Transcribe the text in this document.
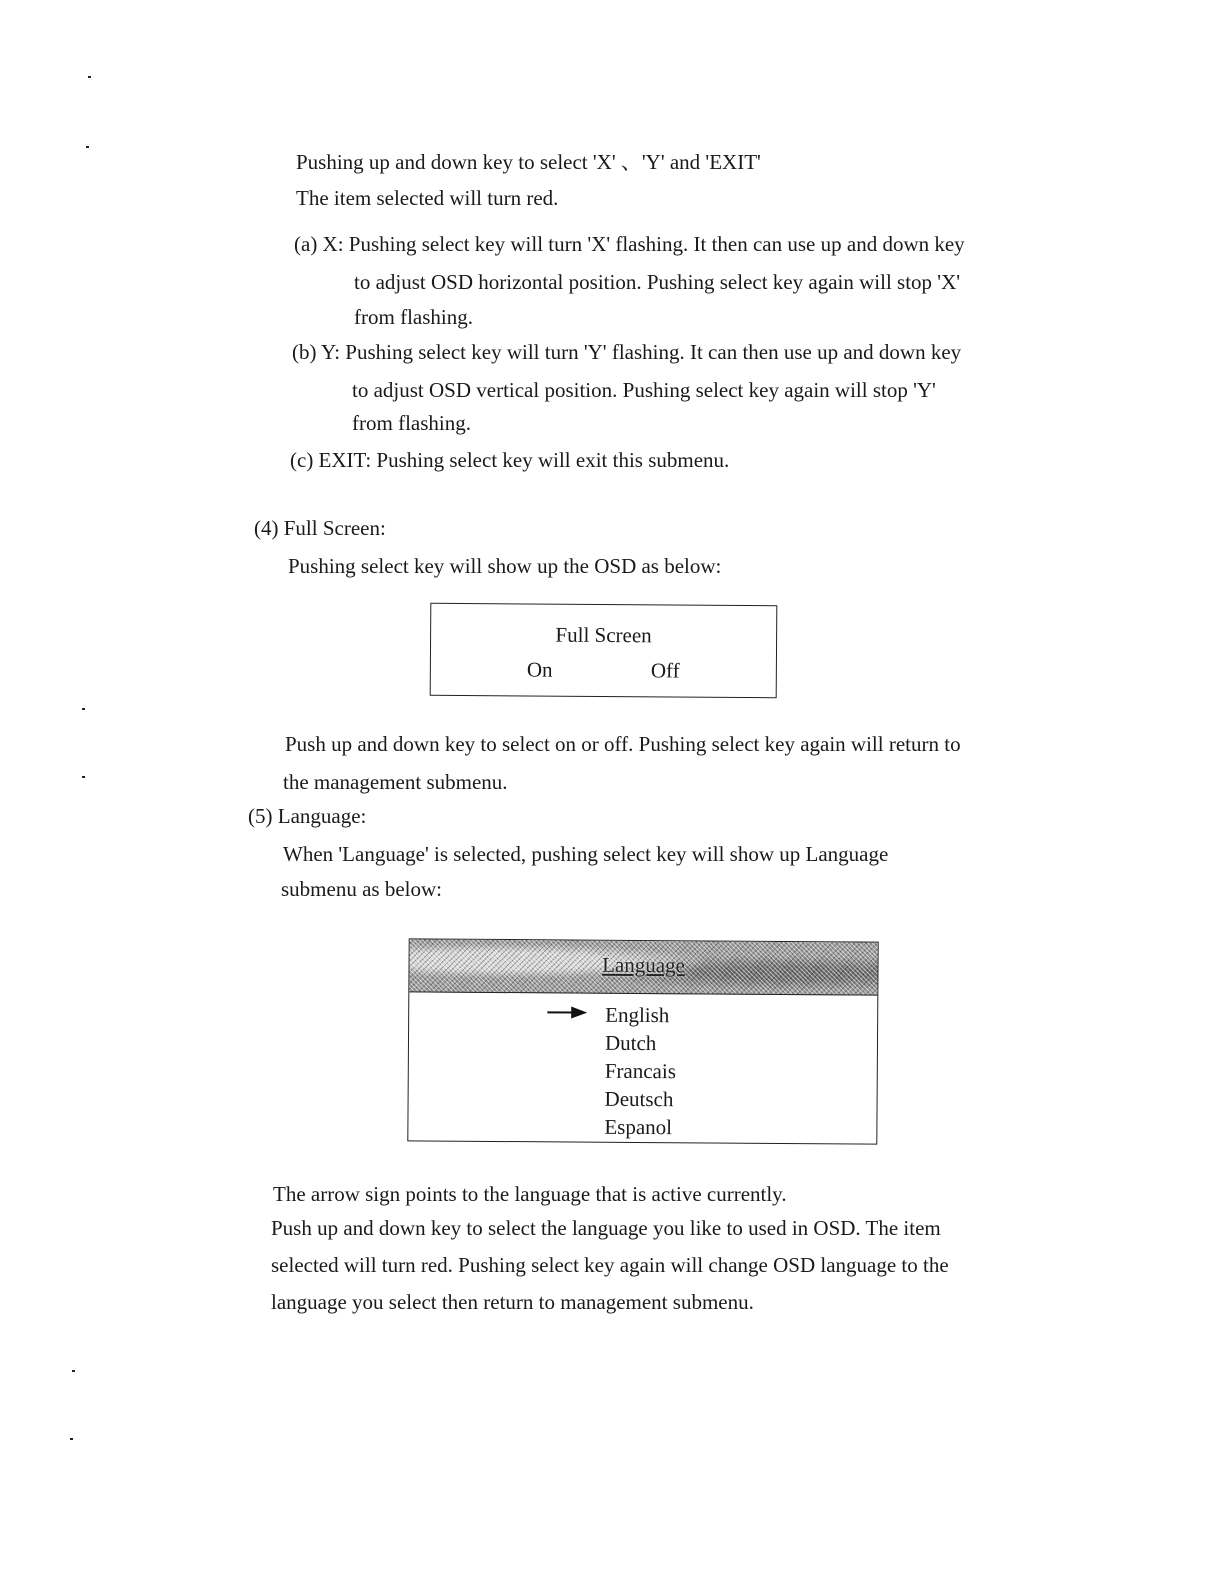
Pushing up and down key to select 'X' 、'Y' and 'EXIT'
The item selected will turn red.
(a) X: Pushing select key will turn 'X' flashing. It then can use up and down key
to adjust OSD horizontal position. Pushing select key again will stop 'X'
from flashing.
(b) Y: Pushing select key will turn 'Y' flashing. It can then use up and down key
to adjust OSD vertical position. Pushing select key again will stop 'Y'
from flashing.
(c) EXIT: Pushing select key will exit this submenu.
(4) Full Screen:
Pushing select key will show up the OSD as below:
Full Screen
On	Off
Push up and down key to select on or off. Pushing select key again will return to
the management submenu.
(5) Language:
When 'Language' is selected, pushing select key will show up Language
submenu as below:
Language
English
Dutch
Francais
Deutsch
Espanol
The arrow sign points to the language that is active currently.
Push up and down key to select the language you like to used in OSD. The item
selected will turn red. Pushing select key again will change OSD language to the
language you select then return to management submenu.
